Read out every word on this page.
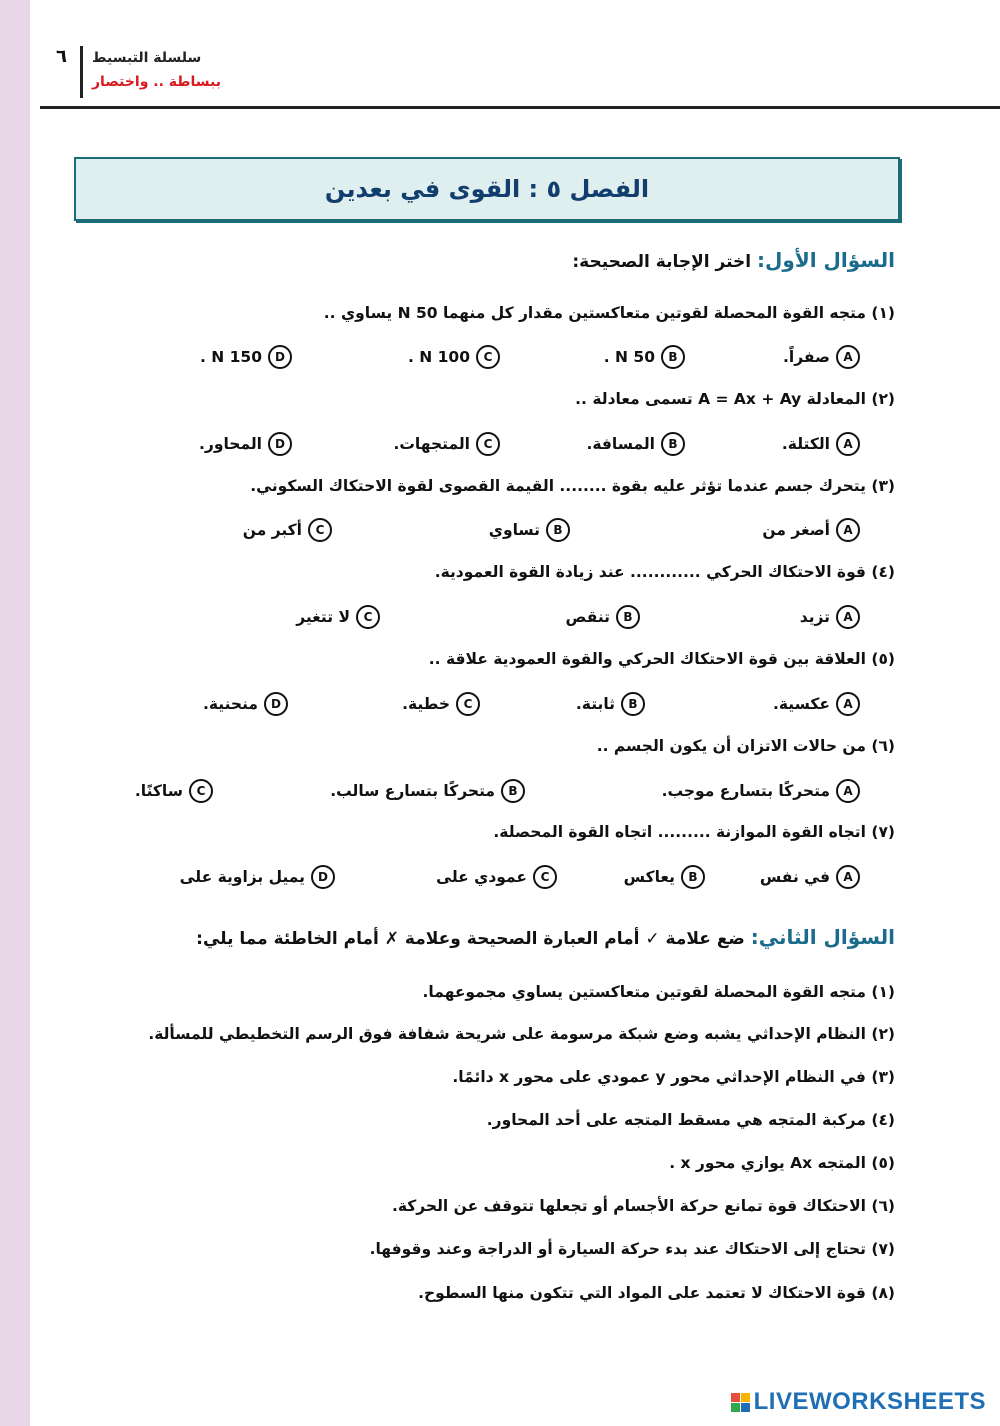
٦ سلسلة التبسيط
ببساطة .. واختصار
الفصل ٥ : القوى في بعدين
السؤال الأول: اختر الإجابة الصحيحة:
(١) متجه القوة المحصلة لقوتين متعاكستين مقدار كل منهما 50 N يساوي ..
A
صفراً.
B
50 N .
C
100 N .
D
150 N .
(٢) المعادلة A = Ax + Ay تسمى معادلة ..
A
الكتلة.
B
المسافة.
C
المتجهات.
D
المحاور.
(٣) يتحرك جسم عندما تؤثر عليه بقوة ........ القيمة القصوى لقوة الاحتكاك السكوني.
A
أصغر من
B
تساوي
C
أكبر من
(٤) قوة الاحتكاك الحركي ............ عند زيادة القوة العمودية.
A
تزيد
B
تنقص
C
لا تتغير
(٥) العلاقة بين قوة الاحتكاك الحركي والقوة العمودية علاقة ..
A
عكسية.
B
ثابتة.
C
خطية.
D
منحنية.
(٦) من حالات الاتزان أن يكون الجسم ..
A
متحركًا بتسارع موجب.
B
متحركًا بتسارع سالب.
C
ساكنًا.
(٧) اتجاه القوة الموازنة ......... اتجاه القوة المحصلة.
A
في نفس
B
يعاكس
C
عمودي على
D
يميل بزاوية على
السؤال الثاني: ضع علامة ✓ أمام العبارة الصحيحة وعلامة ✗ أمام الخاطئة مما يلي:
(١) متجه القوة المحصلة لقوتين متعاكستين يساوي مجموعهما.
(٢) النظام الإحداثي يشبه وضع شبكة مرسومة على شريحة شفافة فوق الرسم التخطيطي للمسألة.
(٣) في النظام الإحداثي محور y عمودي على محور x دائمًا.
(٤) مركبة المتجه هي مسقط المتجه على أحد المحاور.
(٥) المتجه Ax يوازي محور x .
(٦) الاحتكاك قوة تمانع حركة الأجسام أو تجعلها تتوقف عن الحركة.
(٧) تحتاج إلى الاحتكاك عند بدء حركة السيارة أو الدراجة وعند وقوفها.
(٨) قوة الاحتكاك لا تعتمد على المواد التي تتكون منها السطوح.
LIVEWORKSHEETS
